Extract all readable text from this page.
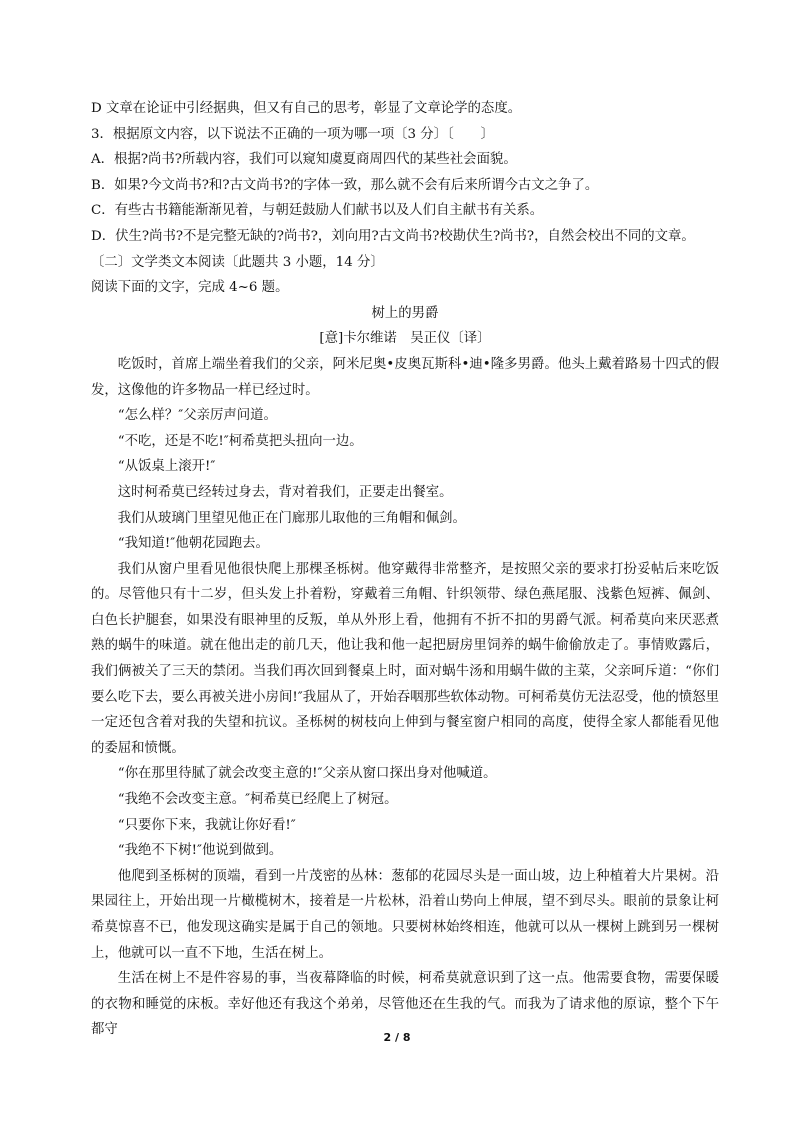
D 文章在论证中引经据典，但又有自己的思考，彰显了文章论学的态度。

3．根据原文内容，以下说法不正确的一项为哪一项〔3 分〕〔　　〕

A．根据?尚书?所载内容，我们可以窥知虞夏商周四代的某些社会面貌。

B．如果?今文尚书?和?古文尚书?的字体一致，那么就不会有后来所谓今古文之争了。

C．有些古书籍能渐渐见着，与朝廷鼓励人们献书以及人们自主献书有关系。

D．伏生?尚书?不是完整无缺的?尚书?，刘向用?古文尚书?校勘伏生?尚书?，自然会校出不同的文章。

〔二〕文学类文本阅读〔此题共 3 小题，14 分〕

阅读下面的文字，完成 4~6 题。

树上的男爵

[意]卡尔维诺　吴正仪〔译〕

吃饭时，首席上端坐着我们的父亲，阿米尼奥•皮奥瓦斯科•迪•隆多男爵。他头上戴着路易十四式的假发，这像他的许多物品一样已经过时。

“怎么样？″父亲厉声问道。

“不吃，还是不吃!″柯希莫把头扭向一边。

“从饭桌上滚开!″

这时柯希莫已经转过身去，背对着我们，正要走出餐室。

我们从玻璃门里望见他正在门廊那儿取他的三角帽和佩剑。

“我知道!″他朝花园跑去。

我们从窗户里看见他很快爬上那棵圣栎树。他穿戴得非常整齐，是按照父亲的要求打扮妥帖后来吃饭的。尽管他只有十二岁，但头发上扑着粉，穿戴着三角帽、针织领带、绿色燕尾服、浅紫色短裤、佩剑、白色长护腿套，如果没有眼神里的反叛，单从外形上看，他拥有不折不扣的男爵气派。柯希莫向来厌恶煮熟的蜗牛的味道。就在他出走的前几天，他让我和他一起把厨房里饲养的蜗牛偷偷放走了。事情败露后，我们俩被关了三天的禁闭。当我们再次回到餐桌上时，面对蜗牛汤和用蜗牛做的主菜，父亲呵斥道：“你们要么吃下去，要么再被关进小房间!″我屈从了，开始吞咽那些软体动物。可柯希莫仿无法忍受，他的愤怒里一定还包含着对我的失望和抗议。圣栎树的树枝向上伸到与餐室窗户相同的高度，使得全家人都能看见他的委屈和愤慨。

“你在那里待腻了就会改变主意的!″父亲从窗口探出身对他喊道。

“我绝不会改变主意。″柯希莫已经爬上了树冠。

“只要你下来，我就让你好看!″

“我绝不下树!″他说到做到。

他爬到圣栎树的顶端，看到一片茂密的丛林：葱郁的花园尽头是一面山坡，边上种植着大片果树。沿果园往上，开始出现一片橄榄树木，接着是一片松林，沿着山势向上伸展，望不到尽头。眼前的景象让柯希莫惊喜不已，他发现这确实是属于自己的领地。只要树林始终相连，他就可以从一棵树上跳到另一棵树上，他就可以一直不下地，生活在树上。

生活在树上不是件容易的事，当夜幕降临的时候，柯希莫就意识到了这一点。他需要食物，需要保暖的衣物和睡觉的床板。幸好他还有我这个弟弟，尽管他还在生我的气。而我为了请求他的原谅，整个下午都守

2 / 8
